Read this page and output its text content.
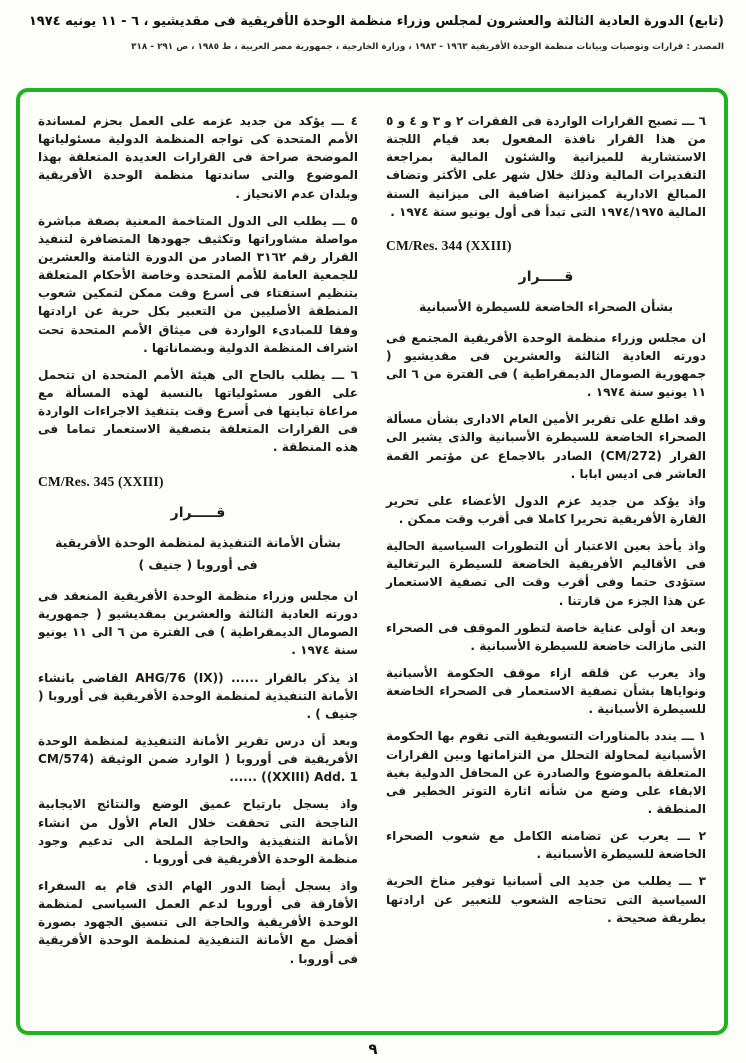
(تابع) الدورة العادية الثالثة والعشرون لمجلس وزراء منظمة الوحدة الأفريقية فى مقديشيو ، ٦ - ١١ يونيه ١٩٧٤
المصدر : قرارات وتوصيات وبيانات منظمة الوحدة الأفريقية ١٩٦٣ - ١٩٨٣ ، وزارة الخارجية ، جمهورية مصر العربية ، ط ١٩٨٥ ، ص ٢٩١ - ٣١٨

٦ ـــ تصبح القرارات الواردة فى الفقرات ٢ و ٣ و ٤ و ٥ من هذا القرار نافذة المفعول بعد قيام اللجنة الاستشارية للميزانية والشئون المالية بمراجعة التقديرات المالية وذلك خلال شهر على الأكثر وتضاف المبالغ الادارية كميزانية اضافية الى ميزانية السنة المالية ١٩٧٤/١٩٧٥ التى تبدأ فى أول يونيو سنة ١٩٧٤ .

CM/Res. 344 (XXIII)

قـــــرار

بشأن الصحراء الخاضعة للسيطرة الأسبانية

ان مجلس وزراء منظمة الوحدة الأفريقية المجتمع فى دورته العادية الثالثة والعشرين فى مقديشيو ( جمهورية الصومال الديمقراطية ) فى الفترة من ٦ الى ١١ يونيو سنة ١٩٧٤ .

وقد اطلع على تقرير الأمين العام الادارى بشأن مسألة الصحراء الخاضعة للسيطرة الأسبانية والذى يشير الى القرار (CM/272) الصادر بالاجماع عن مؤتمر القمة العاشر فى اديس ابابا .

واذ يؤكد من جديد عزم الدول الأعضاء على تحرير القارة الأفريقية تحريرا كاملا فى أقرب وقت ممكن .

واذ يأخذ بعين الاعتبار أن التطورات السياسية الحالية فى الأقاليم الأفريقية الخاضعة للسيطرة البرتغالية ستؤدى حتما وفى أقرب وقت الى تصفية الاستعمار عن هذا الجزء من قارتنا .

وبعد ان أولى عناية خاصة لتطور الموقف فى الصحراء التى مازالت خاضعة للسيطرة الأسبانية .

واذ يعرب عن قلقه ازاء موقف الحكومة الأسبانية ونواياها بشأن تصفية الاستعمار فى الصحراء الخاضعة للسيطرة الأسبانية .

١ ـــ يندد بالمناورات التسويفية التى تقوم بها الحكومة الأسبانية لمحاولة التحلل من التزاماتها وبين القرارات المتعلقة بالموضوع والصادرة عن المحافل الدولية بغية الابقاء على وضع من شأنه اثارة التوتر الخطير فى المنطقة .

٢ ـــ يعرب عن تضامنه الكامل مع شعوب الصحراء الخاضعة للسيطرة الأسبانية .

٣ ـــ يطلب من جديد الى أسبانيا توفير مناخ الحرية السياسية التى تحتاجه الشعوب للتعبير عن ارادتها بطريقة صحيحة .

٤ ـــ يؤكد من جديد عزمه على العمل بحزم لمساندة الأمم المتحدة كى تواجه المنظمة الدولية مسئولياتها الموضحة صراحة فى القرارات العديدة المتعلقة بهذا الموضوع والتى ساندتها منظمة الوحدة الأفريقية وبلدان عدم الانحياز .

٥ ـــ يطلب الى الدول المتاخمة المعنية بصفة مباشرة مواصلة مشاوراتها وتكثيف جهودها المتضافرة لتنفيذ القرار رقم ٣١٦٢ الصادر من الدورة الثامنة والعشرين للجمعية العامة للأمم المتحدة وخاصة الأحكام المتعلقة بتنظيم استفتاء فى أسرع وقت ممكن لتمكين شعوب المنطقة الأصليين من التعبير بكل حرية عن ارادتها وفقا للمبادىء الواردة فى ميثاق الأمم المتحدة تحت اشراف المنظمة الدولية وبضماناتها .

٦ ـــ يطلب بالحاح الى هيئة الأمم المتحدة ان تتحمل على الفور مسئولياتها بالنسبة لهذه المسألة مع مراعاة تباينها فى أسرع وقت بتنفيذ الاجراءات الواردة فى القرارات المتعلقة بتصفية الاستعمار تماما فى هذه المنطقة .

CM/Res. 345 (XXIII)

قـــــرار

بشأن الأمانة التنفيذية لمنظمة الوحدة الأفريقية

فى أوروبا ( جنيف )

ان مجلس وزراء منظمة الوحدة الأفريقية المنعقد فى دورته العادية الثالثة والعشرين بمقديشيو ( جمهورية الصومال الديمقراطية ) فى الفترة من ٦ الى ١١ يونيو سنة ١٩٧٤ .

اذ يذكر بالقرار ...... (AHG/76 (IX) القاضى بانشاء الأمانة التنفيذية لمنظمة الوحدة الأفريقية فى أوروبا ( جنيف ) .

وبعد أن درس تقرير الأمانة التنفيذية لمنظمة الوحدة الأفريقية فى أوروبا ( الوارد ضمن الوثيقة (CM/574 (XXIII) Add. 1) ......

واذ يسجل بارتياح عميق الوضع والنتائج الايجابية الناجحة التى تحققت خلال العام الأول من انشاء الأمانة التنفيذية والحاجة الملحة الى تدعيم وجود منظمة الوحدة الأفريقية فى أوروبا .

واذ يسجل أيضا الدور الهام الذى قام به السفراء الأفارقة فى أوروبا لدعم العمل السياسى لمنظمة الوحدة الأفريقية والحاجة الى تنسيق الجهود بصورة أفضل مع الأمانة التنفيذية لمنظمة الوحدة الأفريقية فى أوروبا .

٩
